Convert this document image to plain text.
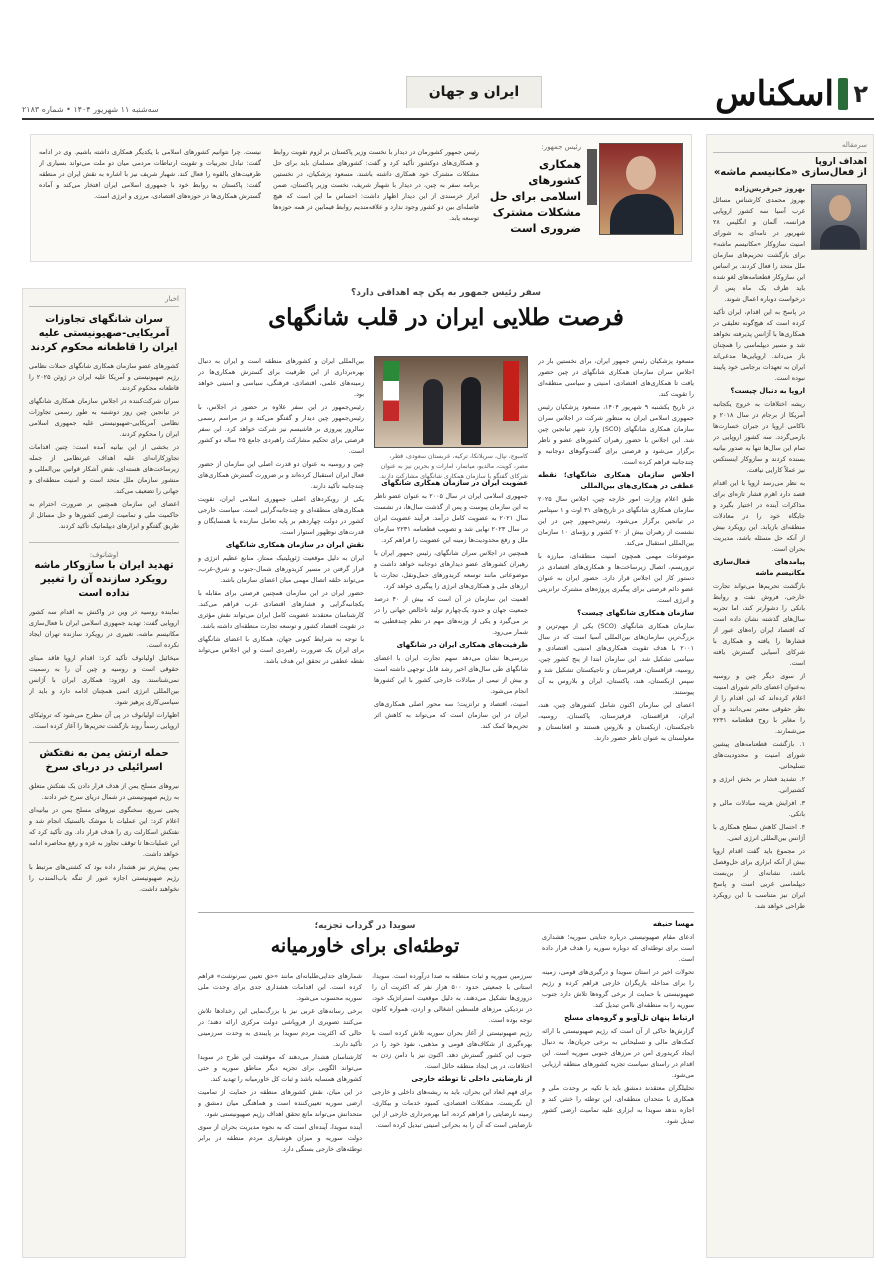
۲
اسکناس
ایران و جهان
سه‌شنبه ۱۱ شهریور ۱۴۰۴ • شماره ۲۱۸۳
سرمقاله
اهداف اروپا
از فعال‌سازی «مکانیسم ماشه»
بهروز خیرفریس‌زاده

بهروز محمدی کارشناس مسائل غرب آسیا سه کشور اروپایی فرانسه، آلمان و انگلیس ۲۸ شهریور در نامه‌ای به شورای امنیت سازوکار «مکانیسم ماشه» برای بازگشت تحریم‌های سازمان ملل متحد را فعال کردند. بر اساس این سازوکار قطعنامه‌های لغو شده باید ظرف یک ماه پس از درخواست دوباره اعمال شوند.

در پاسخ به این اقدام، ایران تأکید کرده است که هیچ‌گونه تعلیقی در همکاری‌ها با آژانس پذیرفته نخواهد شد و مسیر دیپلماسی را همچنان باز می‌داند. اروپایی‌ها مدعی‌اند ایران به تعهدات برجامی خود پایبند نبوده است.

اروپا به دنبال چیست؟

ریشه اختلافات به خروج یکجانبه آمریکا از برجام در سال ۲۰۱۸ و ناکامی اروپا در جبران خسارت‌ها بازمی‌گردد. سه کشور اروپایی در تمام این سال‌ها تنها به صدور بیانیه بسنده کردند و سازوکار اینستکس نیز عملاً کارایی نیافت.

به نظر می‌رسد اروپا با این اقدام قصد دارد اهرم فشار تازه‌ای برای مذاکرات آینده در اختیار بگیرد و جایگاه خود را در معادلات منطقه‌ای بازیابد. این رویکرد بیش از آنکه حل مسئله باشد، مدیریت بحران است.

پیامدهای فعال‌سازی مکانیسم ماشه

بازگشت تحریم‌ها می‌تواند تجارت خارجی، فروش نفت و روابط بانکی را دشوارتر کند، اما تجربه سال‌های گذشته نشان داده است که اقتصاد ایران راه‌های عبور از فشارها را یافته و همکاری با شرکای آسیایی گسترش یافته است.

از سوی دیگر چین و روسیه به‌عنوان اعضای دائم شورای امنیت اعلام کرده‌اند که این اقدام را از نظر حقوقی معتبر نمی‌دانند و آن را مغایر با روح قطعنامه ۲۲۳۱ می‌شمارند.

۱. بازگشت قطعنامه‌های پیشین شورای امنیت و محدودیت‌های تسلیحاتی.

۲. تشدید فشار بر بخش انرژی و کشتیرانی.

۳. افزایش هزینه مبادلات مالی و بانکی.

۴. احتمال کاهش سطح همکاری با آژانس بین‌المللی انرژی اتمی.

در مجموع باید گفت اقدام اروپا بیش از آنکه ابزاری برای حل‌وفصل باشد، نشانه‌ای از بن‌بست دیپلماسی غربی است و پاسخ ایران نیز متناسب با این رویکرد طراحی خواهد شد.

رئیس جمهور:
همکاری کشورهای اسلامی برای حل مشکلات مشترک ضروری است
رئیس جمهور کشورمان در دیدار با نخست وزیر پاکستان بر لزوم تقویت روابط و همکاری‌های دوکشور تأکید کرد و گفت: کشورهای مسلمان باید برای حل مشکلات مشترک خود همکاری داشته باشند. مسعود پزشکیان، در نخستین برنامه سفر به چین، در دیدار با شهباز شریف، نخست وزیر پاکستان، ضمن ابراز خرسندی از این دیدار اظهار داشت: احساس ما این است که هیچ فاصله‌ای بین دو کشور وجود ندارد و علاقه‌مندیم روابط فیمابین در همه حوزه‌ها توسعه یابد.
نیست. چرا نتوانیم کشورهای اسلامی با یکدیگر همکاری داشته باشیم. وی در ادامه گفت: تبادل تجربیات و تقویت ارتباطات مردمی میان دو ملت می‌تواند بسیاری از ظرفیت‌های بالقوه را فعال کند. شهباز شریف نیز با اشاره به نقش ایران در منطقه گفت: پاکستان به روابط خود با جمهوری اسلامی ایران افتخار می‌کند و آماده گسترش همکاری‌ها در حوزه‌های اقتصادی، مرزی و انرژی است.
سفر رئیس جمهور به پکن چه اهدافی دارد؟
فرصت طلایی ایران در قلب شانگهای

مسعود پزشکیان رئیس جمهور ایران، برای نخستین بار در اجلاس سران سازمان همکاری شانگهای در چین حضور یافت تا همکاری‌های اقتصادی، امنیتی و سیاسی منطقه‌ای را تقویت کند.

در تاریخ یکشنبه ۹ شهریور ۱۴۰۴، مسعود پزشکیان رئیس جمهوری اسلامی ایران به منظور شرکت در اجلاس سران سازمان همکاری شانگهای (SCO) وارد شهر تیانجین چین شد. این اجلاس با حضور رهبران کشورهای عضو و ناظر برگزار می‌شود و فرصتی برای گفت‌وگوهای دوجانبه و چندجانبه فراهم کرده است.

اجلاس سازمان همکاری شانگهای؛ نقطه عطفی در همکاری‌های بین‌المللی

طبق اعلام وزارت امور خارجه چین، اجلاس سال ۲۰۲۵ سازمان همکاری شانگهای در تاریخ‌های ۳۱ اوت و ۱ سپتامبر در تیانجین برگزار می‌شود. رئیس‌جمهور چین در این نشست از رهبران بیش از ۲۰ کشور و رؤسای ۱۰ سازمان بین‌المللی استقبال می‌کند.

موضوعات مهمی همچون امنیت منطقه‌ای، مبارزه با تروریسم، اتصال زیرساخت‌ها و همکاری‌های اقتصادی در دستور کار این اجلاس قرار دارد. حضور ایران به عنوان عضو دائم فرصتی برای پیگیری پروژه‌های مشترک ترانزیتی و انرژی است.

سازمان همکاری شانگهای چیست؟

سازمان همکاری شانگهای (SCO) یکی از مهم‌ترین و بزرگ‌ترین سازمان‌های بین‌المللی آسیا است که در سال ۲۰۰۱ با هدف تقویت همکاری‌های امنیتی، اقتصادی و سیاسی تشکیل شد. این سازمان ابتدا از پنج کشور چین، روسیه، قزاقستان، قرقیزستان و تاجیکستان تشکیل شد و سپس ازبکستان، هند، پاکستان، ایران و بلاروس به آن پیوستند.

اعضای این سازمان اکنون شامل کشورهای چین، هند، ایران، قزاقستان، قرقیزستان، پاکستان، روسیه، تاجیکستان، ازبکستان و بلاروس هستند و افغانستان و مغولستان به عنوان ناظر حضور دارند.

کامبوج، نپال، سریلانکا، ترکیه، عربستان سعودی، قطر، مصر، کویت، مالدیو، میانمار، امارات و بحرین نیز به عنوان شرکای گفتگو با سازمان همکاری شانگهای مشارکت دارند.

عضویت ایران در سازمان همکاری شانگهای

جمهوری اسلامی ایران در سال ۲۰۰۵ به عنوان عضو ناظر به این سازمان پیوست و پس از گذشت سال‌ها، در نشست سال ۲۰۲۱ به عضویت کامل درآمد. فرآیند عضویت ایران در سال ۲۰۲۳ نهایی شد و تصویب قطعنامه ۲۲۳۱ سازمان ملل و رفع محدودیت‌ها زمینه این عضویت را فراهم کرد.

همچنین در اجلاس سران شانگهای، رئیس جمهور ایران با رهبران کشورهای عضو دیدارهای دوجانبه خواهد داشت و موضوعاتی مانند توسعه کریدورهای حمل‌ونقل، تجارت با ارزهای ملی و همکاری‌های انرژی را پیگیری خواهد کرد.

اهمیت این سازمان در آن است که بیش از ۴۰ درصد جمعیت جهان و حدود یک‌چهارم تولید ناخالص جهانی را در بر می‌گیرد و یکی از وزنه‌های مهم در نظم چندقطبی به شمار می‌رود.

ظرفیت‌های همکاری ایران در شانگهای

بررسی‌ها نشان می‌دهد سهم تجارت ایران با اعضای شانگهای طی سال‌های اخیر رشد قابل توجهی داشته است و بیش از نیمی از مبادلات خارجی کشور با این کشورها انجام می‌شود.

امنیت، اقتصاد و ترانزیت؛ سه محور اصلی همکاری‌های ایران در این سازمان است که می‌تواند به کاهش اثر تحریم‌ها کمک کند.

بین‌المللی ایران و کشورهای منطقه است و ایران به دنبال بهره‌برداری از این ظرفیت برای گسترش همکاری‌ها در زمینه‌های علمی، اقتصادی، فرهنگی، سیاسی و امنیتی خواهد بود.

رئیس‌جمهور در این سفر علاوه بر حضور در اجلاس، با رئیس‌جمهور چین دیدار و گفتگو می‌کند و در مراسم رسمی سالروز پیروزی بر فاشیسم نیز شرکت خواهد کرد. این سفر فرصتی برای تحکیم مشارکت راهبردی جامع ۲۵ ساله دو کشور است.

چین و روسیه به عنوان دو قدرت اصلی این سازمان از حضور فعال ایران استقبال کرده‌اند و بر ضرورت گسترش همکاری‌های چندجانبه تأکید دارند.

یکی از رویکردهای اصلی جمهوری اسلامی ایران، تقویت همکاری‌های منطقه‌ای و چندجانبه‌گرایی است. سیاست خارجی کشور در دولت چهاردهم بر پایه تعامل سازنده با همسایگان و قدرت‌های نوظهور استوار است.

نقش ایران در سازمان همکاری شانگهای

ایران به دلیل موقعیت ژئوپلیتیک ممتاز، منابع عظیم انرژی و قرار گرفتن در مسیر کریدورهای شمال-جنوب و شرق-غرب، می‌تواند حلقه اتصال مهمی میان اعضای سازمان باشد.

حضور ایران در این سازمان همچنین فرصتی برای مقابله با یکجانبه‌گرایی و فشارهای اقتصادی غرب فراهم می‌کند. کارشناسان معتقدند عضویت کامل ایران می‌تواند نقش مؤثری در تقویت اقتصاد کشور و توسعه تجارت منطقه‌ای داشته باشد.

با توجه به شرایط کنونی جهان، همکاری با اعضای شانگهای برای ایران یک ضرورت راهبردی است و این اجلاس می‌تواند نقطه عطفی در تحقق این هدف باشد.

مهسا حنیفه

ادعای مقام صهیونیستی درباره جنایتی سوریه؛ هشداری است برای توطئه‌ای که دوباره سوریه را هدف قرار داده است.

تحولات اخیر در استان سویدا و درگیری‌های قومی، زمینه را برای مداخله بازیگران خارجی فراهم کرده و رژیم صهیونیستی با حمایت از برخی گروه‌ها تلاش دارد جنوب سوریه را به منطقه‌ای ناامن تبدیل کند.

ارتباط پنهان تل‌آویو و گروه‌های مسلح

گزارش‌ها حاکی از آن است که رژیم صهیونیستی با ارائه کمک‌های مالی و تسلیحاتی به برخی جریان‌ها، به دنبال ایجاد کریدوری امن در مرزهای جنوبی سوریه است. این اقدام در راستای سیاست تجزیه کشورهای منطقه ارزیابی می‌شود.

تحلیلگران معتقدند دمشق باید با تکیه بر وحدت ملی و همکاری با متحدان منطقه‌ای، این توطئه را خنثی کند و اجازه ندهد سویدا به ابزاری علیه تمامیت ارضی کشور تبدیل شود.

سویدا در گرداب تجزیه؛
توطئه‌ای برای خاورمیانه

سرزمین سوریه و ثبات منطقه به صدا درآورده است. سویدا، استانی با جمعیتی حدود ۵۰۰ هزار نفر که اکثریت آن را دروزی‌ها تشکیل می‌دهند، به دلیل موقعیت استراتژیک خود، در نزدیکی مرزهای فلسطین اشغالی و اردن، همواره کانون توجه بوده است.

رژیم صهیونیستی از آغاز بحران سوریه تلاش کرده است با بهره‌گیری از شکاف‌های قومی و مذهبی، نفوذ خود را در جنوب این کشور گسترش دهد. اکنون نیز با دامن زدن به اختلافات، در پی ایجاد منطقه حائل است.

از نارضایتی داخلی تا توطئه خارجی

برای فهم ابعاد این بحران، باید به ریشه‌های داخلی و خارجی آن نگریست. مشکلات اقتصادی، کمبود خدمات و بیکاری، زمینه نارضایتی را فراهم کرده، اما بهره‌برداری خارجی از این نارضایتی است که آن را به بحرانی امنیتی تبدیل کرده است.

شمارهای جدایی‌طلبانه‌ای مانند «حق تعیین سرنوشت» فراهم کرده است. این اقدامات هشداری جدی برای وحدت ملی سوریه محسوب می‌شود.

برخی رسانه‌های غربی نیز با بزرگ‌نمایی این رخدادها تلاش می‌کنند تصویری از فروپاشی دولت مرکزی ارائه دهند؛ در حالی که اکثریت مردم سویدا بر پایبندی به وحدت سرزمینی تأکید دارند.

کارشناسان هشدار می‌دهند که موفقیت این طرح در سویدا می‌تواند الگویی برای تجزیه دیگر مناطق سوریه و حتی کشورهای همسایه باشد و ثبات کل خاورمیانه را تهدید کند.

در این میان، نقش کشورهای منطقه در حمایت از تمامیت ارضی سوریه تعیین‌کننده است و هماهنگی میان دمشق و متحدانش می‌تواند مانع تحقق اهداف رژیم صهیونیستی شود.

آینده سویدا، آینده‌ای است که به نحوه مدیریت بحران از سوی دولت سوریه و میزان هوشیاری مردم منطقه در برابر توطئه‌های خارجی بستگی دارد.

اخبار
سران شانگهای تجاوزات آمریکایی-صهیونیستی علیه ایران را قاطعانه محکوم کردند

کشورهای عضو سازمان همکاری شانگهای حملات نظامی رژیم صهیونیستی و آمریکا علیه ایران در ژوئن ۲۰۲۵ را قاطعانه محکوم کردند.

سران شرکت‌کننده در اجلاس سازمان همکاری شانگهای در تیانجین چین روز دوشنبه به طور رسمی تجاوزات نظامی آمریکایی-صهیونیستی علیه جمهوری اسلامی ایران را محکوم کردند.

در بخشی از این بیانیه آمده است: چنین اقدامات تجاوزکارانه‌ای علیه اهداف غیرنظامی از جمله زیرساخت‌های هسته‌ای، نقض آشکار قوانین بین‌المللی و منشور سازمان ملل متحد است و امنیت منطقه‌ای و جهانی را تضعیف می‌کند.

اعضای این سازمان همچنین بر ضرورت احترام به حاکمیت ملی و تمامیت ارضی کشورها و حل مسائل از طریق گفتگو و ابزارهای دیپلماتیک تأکید کردند.

اوشانوف:
تهدید ایران با سازوکار ماشه رویکرد سازنده آن را تغییر نداده است

نماینده روسیه در وین در واکنش به اقدام سه کشور اروپایی گفت: تهدید جمهوری اسلامی ایران با فعال‌سازی مکانیسم ماشه، تغییری در رویکرد سازنده تهران ایجاد نکرده است.

میخائیل اولیانوف تأکید کرد: اقدام اروپا فاقد مبنای حقوقی است و روسیه و چین آن را به رسمیت نمی‌شناسند. وی افزود: همکاری ایران با آژانس بین‌المللی انرژی اتمی همچنان ادامه دارد و باید از سیاسی‌کاری پرهیز شود.

اظهارات اولیانوف در پی آن مطرح می‌شود که تروئیکای اروپایی رسماً روند بازگشت تحریم‌ها را آغاز کرده است.

حمله ارتش یمن به نفتکش اسرائیلی در دریای سرخ

نیروهای مسلح یمن از هدف قرار دادن یک نفتکش متعلق به رژیم صهیونیستی در شمال دریای سرخ خبر دادند.

یحیی سریع، سخنگوی نیروهای مسلح یمن در بیانیه‌ای اعلام کرد: این عملیات با موشک بالستیک انجام شد و نفتکش اسکارلت ری را هدف قرار داد. وی تأکید کرد که این عملیات‌ها تا توقف تجاوز به غزه و رفع محاصره ادامه خواهد داشت.

یمن پیش‌تر نیز هشدار داده بود که کشتی‌های مرتبط با رژیم صهیونیستی اجازه عبور از تنگه باب‌المندب را نخواهند داشت.
